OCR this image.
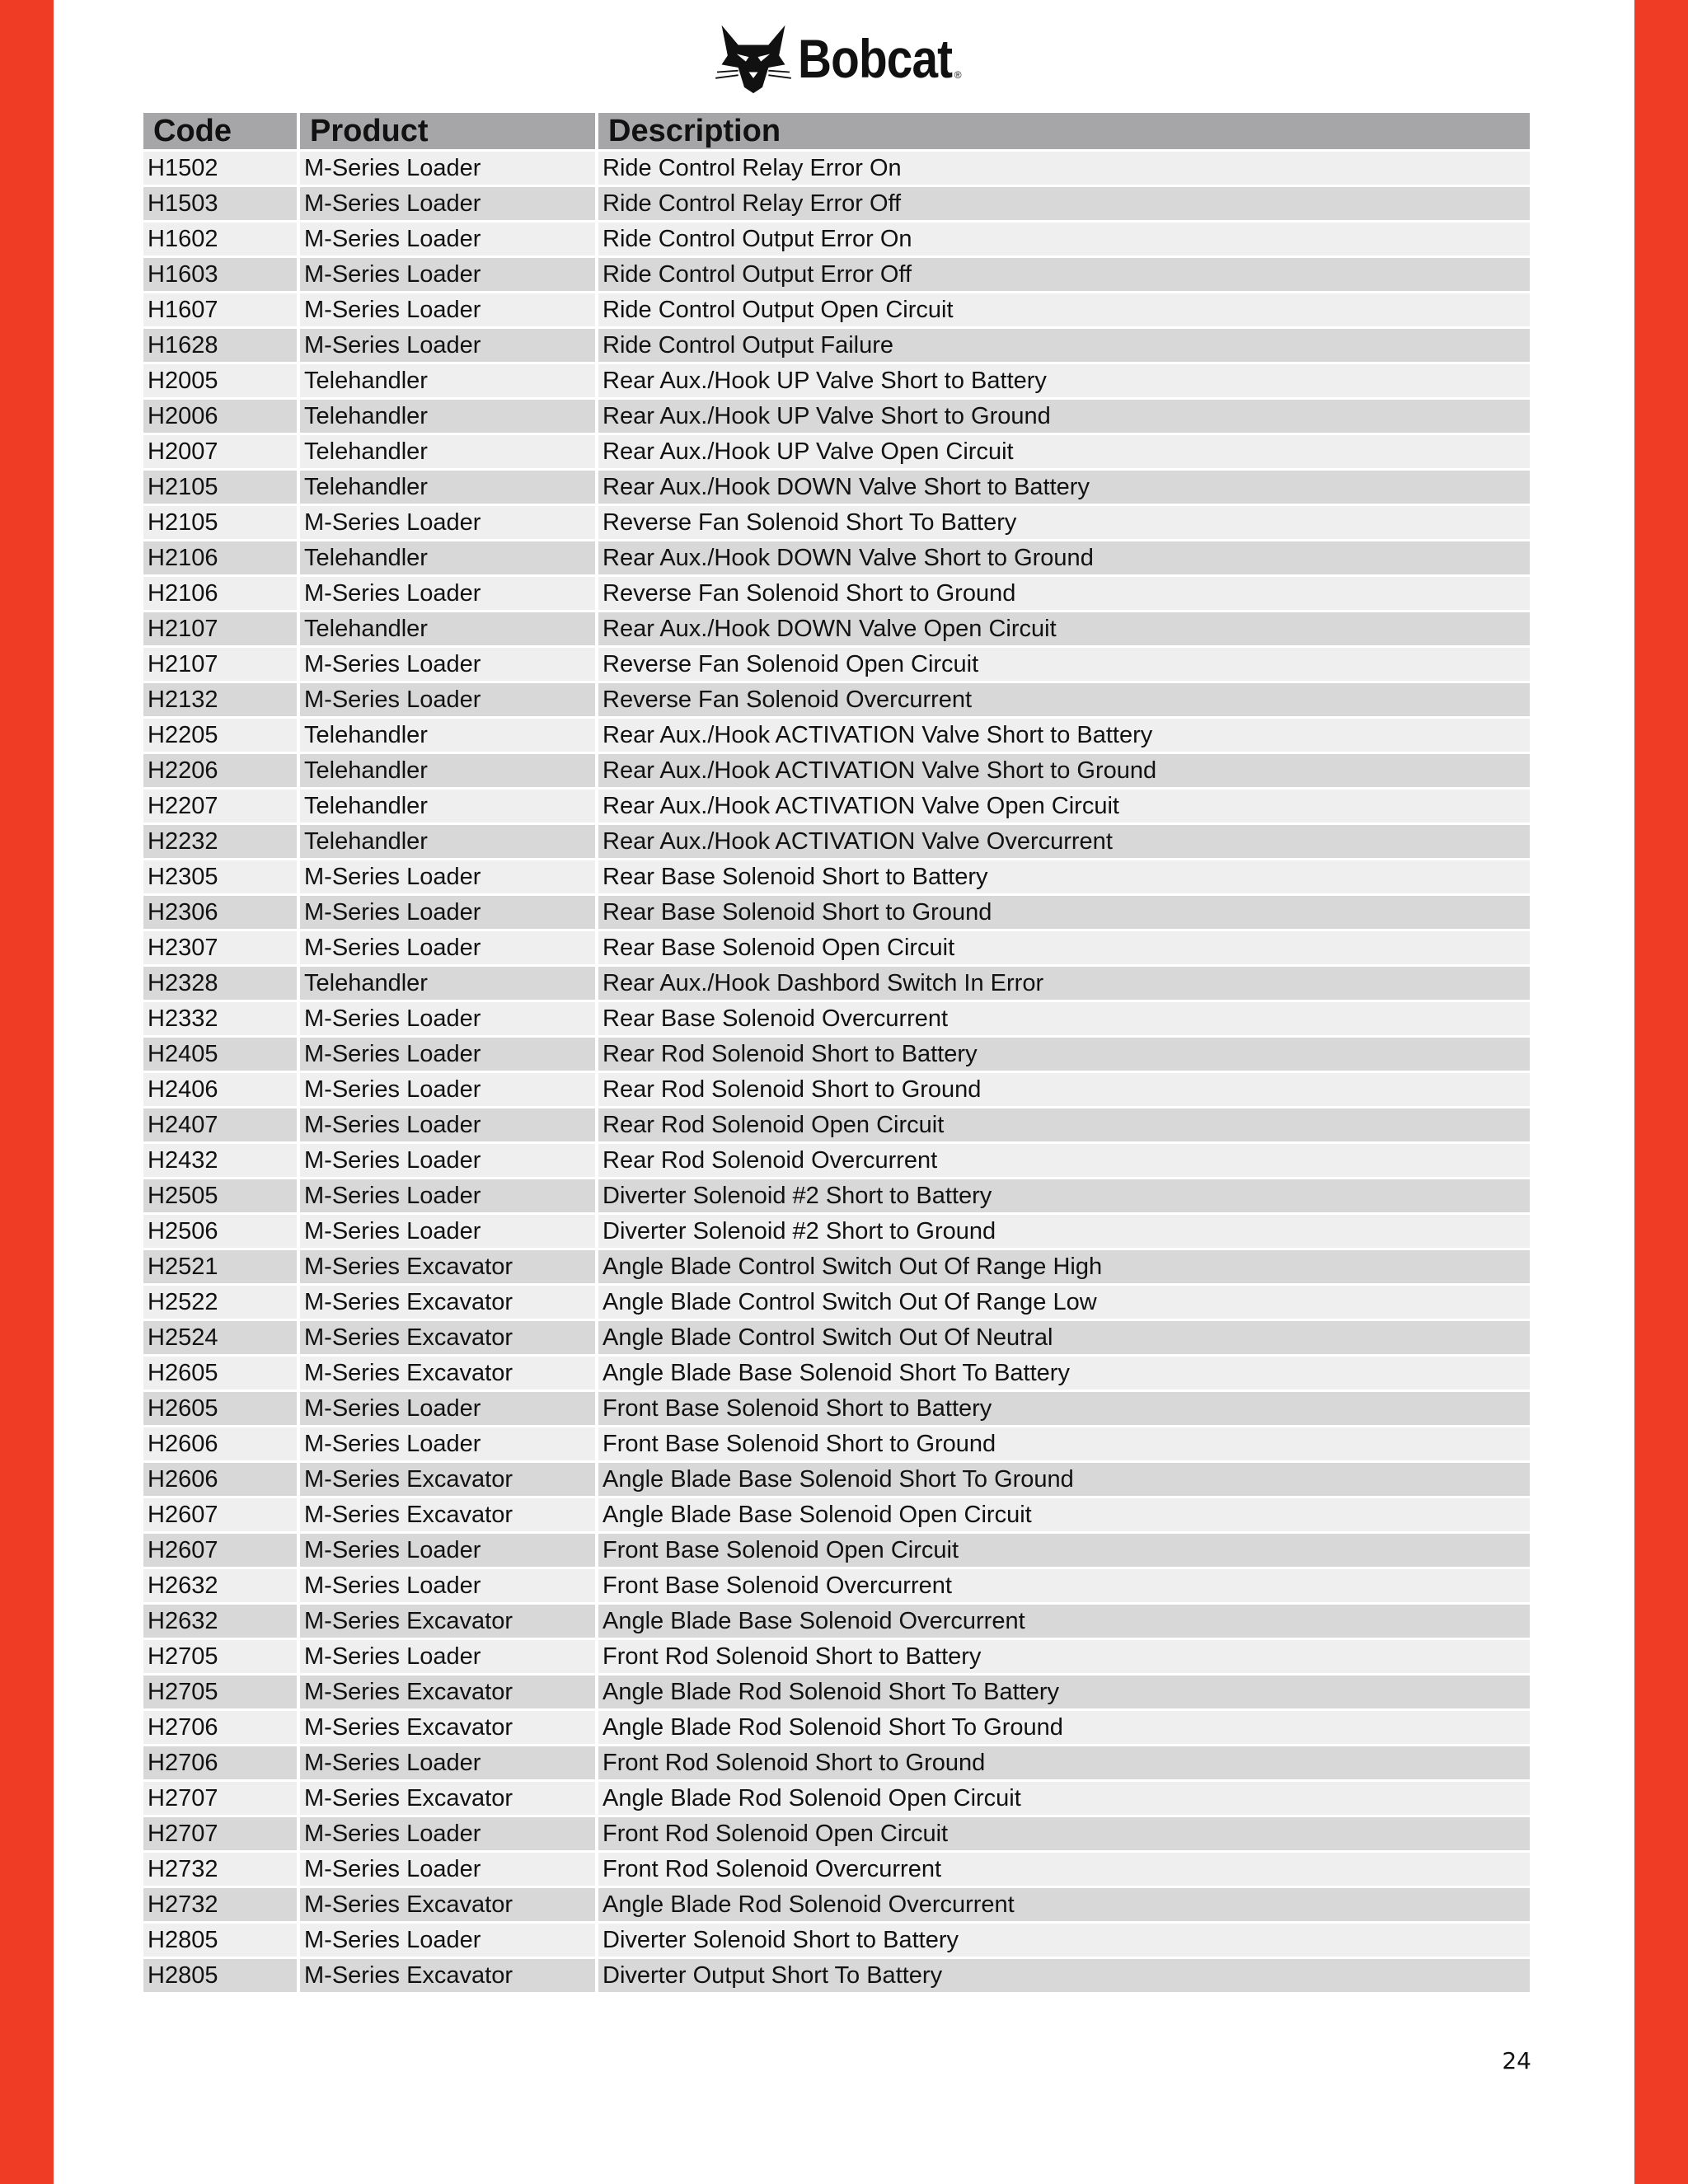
Bobcat ®
Code	Product	Description
H1502	M-Series Loader	Ride Control Relay Error On
H1503	M-Series Loader	Ride Control Relay Error Off
H1602	M-Series Loader	Ride Control Output Error On
H1603	M-Series Loader	Ride Control Output Error Off
H1607	M-Series Loader	Ride Control Output Open Circuit
H1628	M-Series Loader	Ride Control Output Failure
H2005	Telehandler	Rear Aux./Hook UP Valve Short to Battery
H2006	Telehandler	Rear Aux./Hook UP Valve Short to Ground
H2007	Telehandler	Rear Aux./Hook UP Valve Open Circuit
H2105	Telehandler	Rear Aux./Hook DOWN Valve Short to Battery
H2105	M-Series Loader	Reverse Fan Solenoid Short To Battery
H2106	Telehandler	Rear Aux./Hook DOWN Valve Short to Ground
H2106	M-Series Loader	Reverse Fan Solenoid Short to Ground
H2107	Telehandler	Rear Aux./Hook DOWN Valve Open Circuit
H2107	M-Series Loader	Reverse Fan Solenoid Open Circuit
H2132	M-Series Loader	Reverse Fan Solenoid Overcurrent
H2205	Telehandler	Rear Aux./Hook ACTIVATION Valve Short to Battery
H2206	Telehandler	Rear Aux./Hook ACTIVATION Valve Short to Ground
H2207	Telehandler	Rear Aux./Hook ACTIVATION Valve Open Circuit
H2232	Telehandler	Rear Aux./Hook ACTIVATION Valve Overcurrent
H2305	M-Series Loader	Rear Base Solenoid Short to Battery
H2306	M-Series Loader	Rear Base Solenoid Short to Ground
H2307	M-Series Loader	Rear Base Solenoid Open Circuit
H2328	Telehandler	Rear Aux./Hook Dashbord Switch In Error
H2332	M-Series Loader	Rear Base Solenoid Overcurrent
H2405	M-Series Loader	Rear Rod Solenoid Short to Battery
H2406	M-Series Loader	Rear Rod Solenoid Short to Ground
H2407	M-Series Loader	Rear Rod Solenoid Open Circuit
H2432	M-Series Loader	Rear Rod Solenoid Overcurrent
H2505	M-Series Loader	Diverter Solenoid #2 Short to Battery
H2506	M-Series Loader	Diverter Solenoid #2 Short to Ground
H2521	M-Series Excavator	Angle Blade Control Switch Out Of Range High
H2522	M-Series Excavator	Angle Blade Control Switch Out Of Range Low
H2524	M-Series Excavator	Angle Blade Control Switch Out Of Neutral
H2605	M-Series Excavator	Angle Blade Base Solenoid Short To Battery
H2605	M-Series Loader	Front Base Solenoid Short to Battery
H2606	M-Series Loader	Front Base Solenoid Short to Ground
H2606	M-Series Excavator	Angle Blade Base Solenoid Short To Ground
H2607	M-Series Excavator	Angle Blade Base Solenoid Open Circuit
H2607	M-Series Loader	Front Base Solenoid Open Circuit
H2632	M-Series Loader	Front Base Solenoid Overcurrent
H2632	M-Series Excavator	Angle Blade Base Solenoid Overcurrent
H2705	M-Series Loader	Front Rod Solenoid Short to Battery
H2705	M-Series Excavator	Angle Blade Rod Solenoid Short To Battery
H2706	M-Series Excavator	Angle Blade Rod Solenoid Short To Ground
H2706	M-Series Loader	Front Rod Solenoid Short to Ground
H2707	M-Series Excavator	Angle Blade Rod Solenoid Open Circuit
H2707	M-Series Loader	Front Rod Solenoid Open Circuit
H2732	M-Series Loader	Front Rod Solenoid Overcurrent
H2732	M-Series Excavator	Angle Blade Rod Solenoid Overcurrent
H2805	M-Series Loader	Diverter Solenoid Short to Battery
H2805	M-Series Excavator	Diverter Output Short To Battery
24
